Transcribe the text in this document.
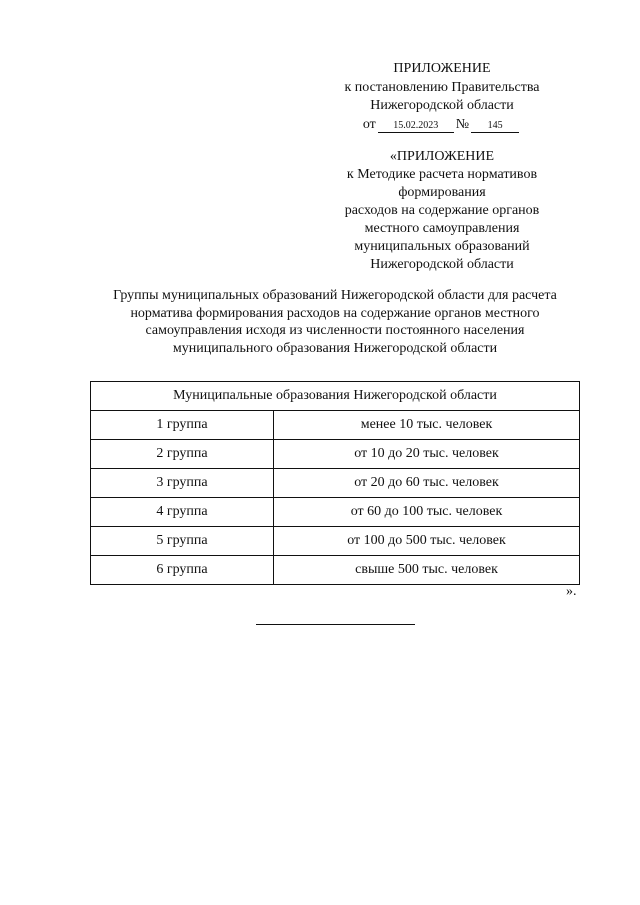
ПРИЛОЖЕНИЕ
к постановлению Правительства
Нижегородской области
от	15.02.2023	№	145
«ПРИЛОЖЕНИЕ
к Методике расчета нормативов
формирования
расходов на содержание органов
местного самоуправления
муниципальных образований
Нижегородской области
Группы муниципальных образований Нижегородской области для расчета
норматива формирования расходов на содержание органов местного
самоуправления исходя из численности постоянного населения
муниципального образования Нижегородской области
Муниципальные образования Нижегородской области	
1 группа	менее 10 тыс. человек
2 группа	от 10 до 20 тыс. человек
3 группа	от 20 до 60 тыс. человек
4 группа	от 60 до 100 тыс. человек
5 группа	от 100 до 500 тыс. человек
6 группа	свыше 500 тыс. человек
».
